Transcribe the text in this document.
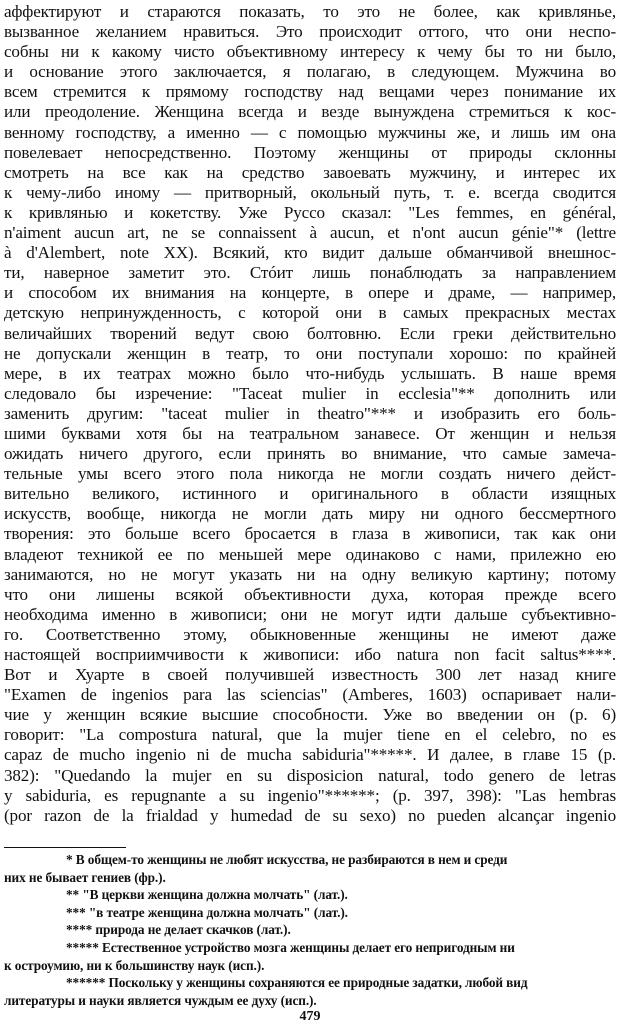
аффектируют и стараются показать, то это не более, как кривлянье,
вызванное желанием нравиться. Это происходит оттого, что они неспо-
собны ни к какому чисто объективному интересу к чему бы то ни было,
и основание этого заключается, я полагаю, в следующем. Мужчина во
всем стремится к прямому господству над вещами через понимание их
или преодоление. Женщина всегда и везде вынуждена стремиться к кос-
венному господству, а именно — с помощью мужчины же, и лишь им она
повелевает непосредственно. Поэтому женщины от природы склонны
смотреть на все как на средство завоевать мужчину, и интерес их
к чему-либо иному — притворный, окольный путь, т. е. всегда сводится
к кривлянью и кокетству. Уже Руссо сказал: "Les femmes, en général,
n'aiment aucun art, ne se connaissent à aucun, et n'ont aucun génie"* (lettre
à d'Alembert, note XX). Всякий, кто видит дальше обманчивой внешнос-
ти, наверное заметит это. Стóит лишь понаблюдать за направлением
и способом их внимания на концерте, в опере и драме, — например,
детскую непринужденность, с которой они в самых прекрасных местах
величайших творений ведут свою болтовню. Если греки действительно
не допускали женщин в театр, то они поступали хорошо: по крайней
мере, в их театрах можно было что-нибудь услышать. В наше время
следовало бы изречение: "Taceat mulier in ecclesia"** дополнить или
заменить другим: "taceat mulier in theatro"*** и изобразить его боль-
шими буквами хотя бы на театральном занавесе. От женщин и нельзя
ожидать ничего другого, если принять во внимание, что самые замеча-
тельные умы всего этого пола никогда не могли создать ничего дейст-
вительно великого, истинного и оригинального в области изящных
искусств, вообще, никогда не могли дать миру ни одного бессмертного
творения: это больше всего бросается в глаза в живописи, так как они
владеют техникой ее по меньшей мере одинаково с нами, прилежно ею
занимаются, но не могут указать ни на одну великую картину; потому
что они лишены всякой объективности духа, которая прежде всего
необходима именно в живописи; они не могут идти дальше субъективно-
го. Соответственно этому, обыкновенные женщины не имеют даже
настоящей восприимчивости к живописи: ибо natura non facit saltus****.
Вот и Хуарте в своей получившей известность 300 лет назад книге
"Examen de ingenios para las sciencias" (Amberes, 1603) оспаривает нали-
чие у женщин всякие высшие способности. Уже во введении он (p. 6)
говорит: "La compostura natural, que la mujer tiene en el celebro, no es
capaz de mucho ingenio ni de mucha sabiduria"*****. И далее, в главе 15 (p.
382): "Quedando la mujer en su disposicion natural, todo genero de letras
y sabiduria, es repugnante a su ingenio"******; (p. 397, 398): "Las hembras
(por razon de la frialdad y humedad de su sexo) no pueden alcançar ingenio
* В общем-то женщины не любят искусства, не разбираются в нем и среди
них не бывает гениев (фр.).
** "В церкви женщина должна молчать" (лат.).
*** "в театре женщина должна молчать" (лат.).
**** природа не делает скачков (лат.).
***** Естественное устройство мозга женщины делает его непригодным ни
к остроумию, ни к большинству наук (исп.).
****** Поскольку у женщины сохраняются ее природные задатки, любой вид
литературы и науки является чуждым ее духу (исп.).
479
